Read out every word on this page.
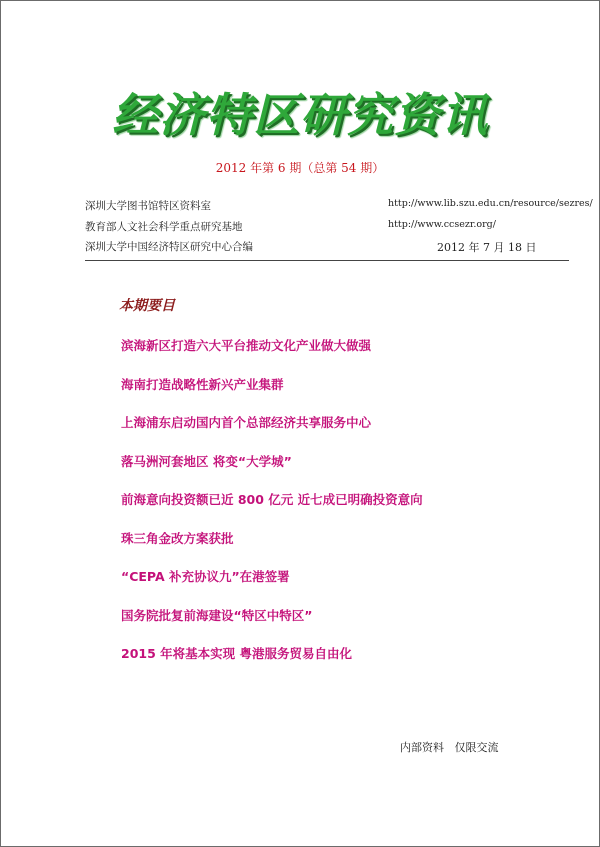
经济特区研究资讯
2012 年第 6 期（总第 54 期）
深圳大学图书馆特区资料室	http://www.lib.szu.edu.cn/resource/sezres/
教育部人文社会科学重点研究基地	http://www.ccsezr.org/
深圳大学中国经济特区研究中心合编	2012 年 7 月 18 日
本期要目
滨海新区打造六大平台推动文化产业做大做强
海南打造战略性新兴产业集群
上海浦东启动国内首个总部经济共享服务中心
落马洲河套地区 将变“大学城”
前海意向投资额已近 800 亿元 近七成已明确投资意向
珠三角金改方案获批
“CEPA 补充协议九”在港签署
国务院批复前海建设“特区中特区”
2015 年将基本实现 粤港服务贸易自由化
内部资料   仅限交流
